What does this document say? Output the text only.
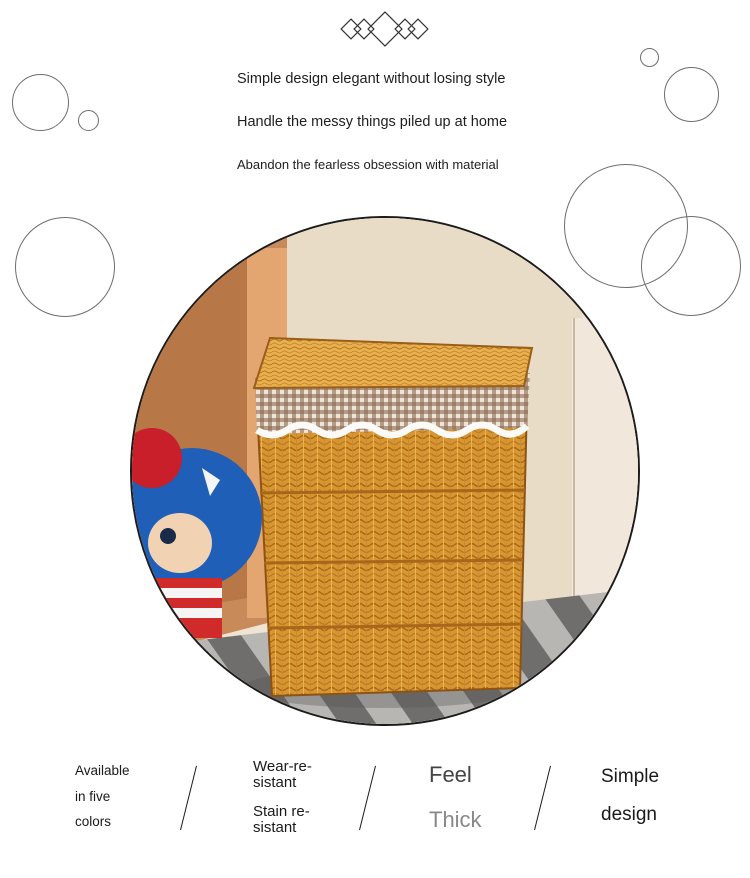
Simple design elegant without losing style
Handle the messy things piled up at home
Abandon the fearless obsession with material
Available
in five
colors
Wear-re-
sistant
Stain re-
sistant
Feel
Thick
Simple
design
